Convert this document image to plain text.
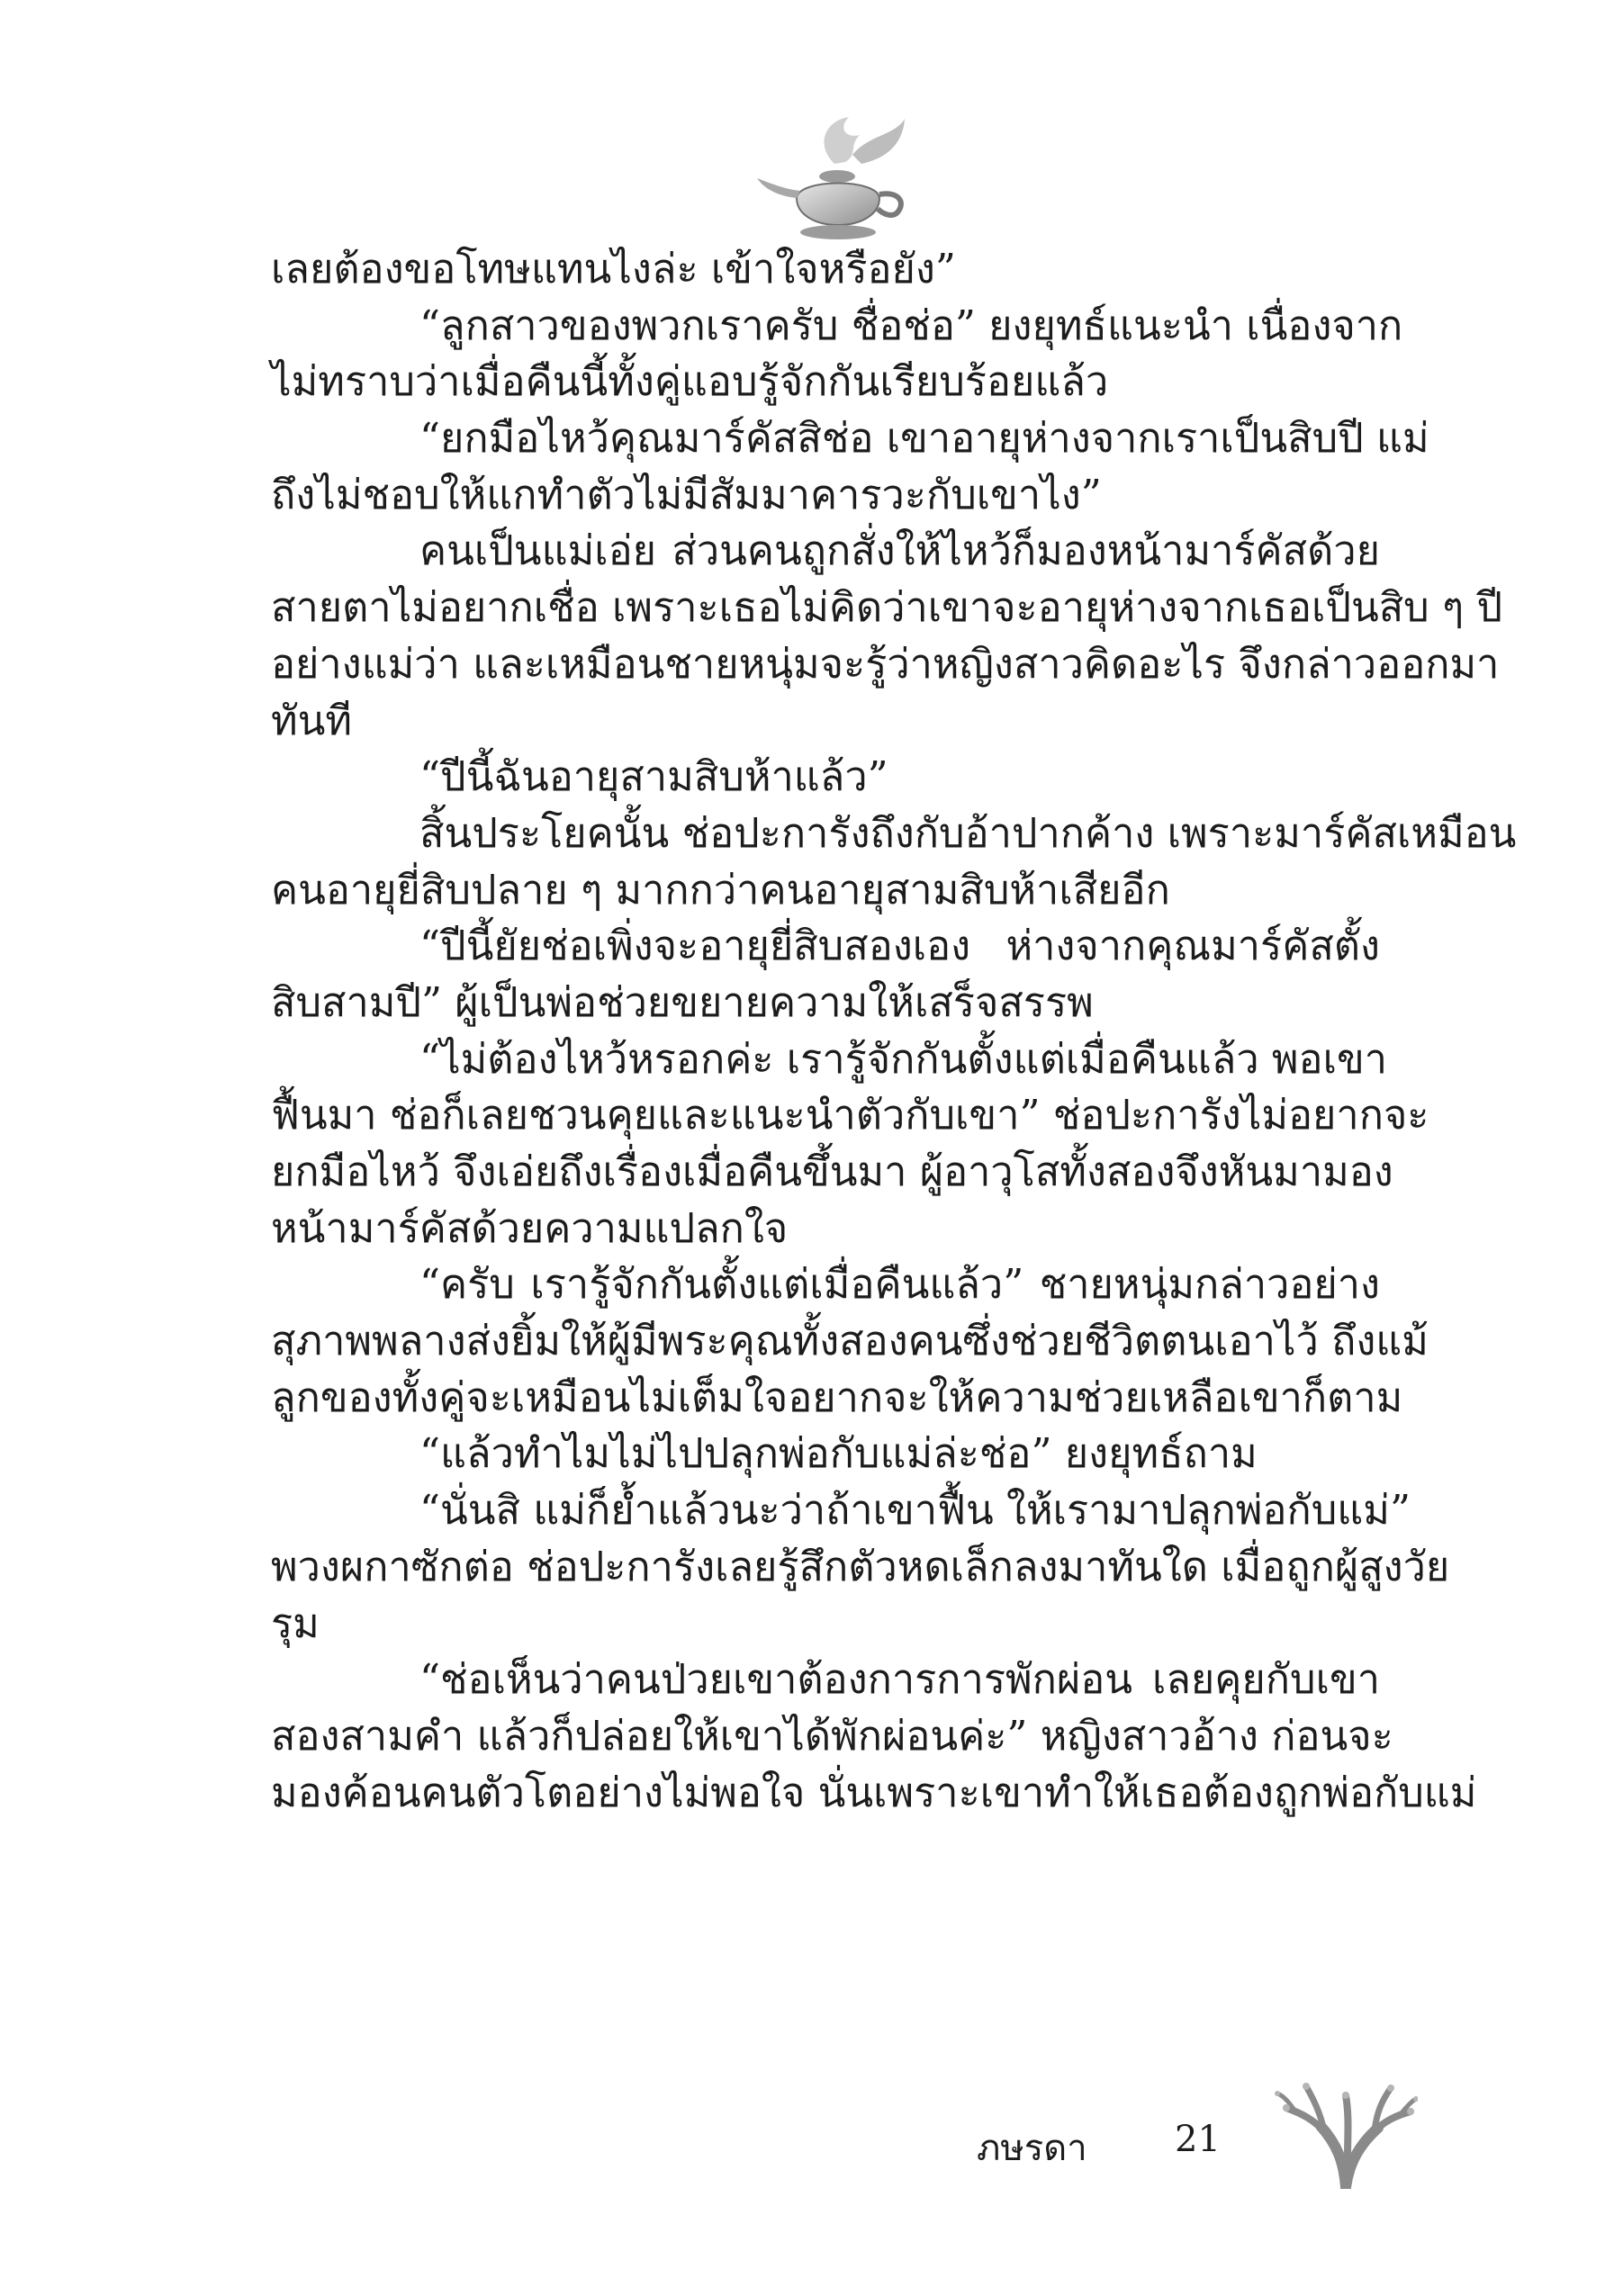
เลยต้องขอโทษแทนไงล่ะ เข้าใจหรือยัง”
“ลูกสาวของพวกเราครับ ชื่อช่อ” ยงยุทธ์แนะนำ เนื่องจาก
ไม่ทราบว่าเมื่อคืนนี้ทั้งคู่แอบรู้จักกันเรียบร้อยแล้ว
“ยกมือไหว้คุณมาร์คัสสิช่อ เขาอายุห่างจากเราเป็นสิบปี แม่
ถึงไม่ชอบให้แกทำตัวไม่มีสัมมาคารวะกับเขาไง”
คนเป็นแม่เอ่ย ส่วนคนถูกสั่งให้ไหว้ก็มองหน้ามาร์คัสด้วย
สายตาไม่อยากเชื่อ เพราะเธอไม่คิดว่าเขาจะอายุห่างจากเธอเป็นสิบ ๆ ปี
อย่างแม่ว่า และเหมือนชายหนุ่มจะรู้ว่าหญิงสาวคิดอะไร จึงกล่าวออกมา
ทันที
“ปีนี้ฉันอายุสามสิบห้าแล้ว”
สิ้นประโยคนั้น ช่อปะการังถึงกับอ้าปากค้าง เพราะมาร์คัสเหมือน
คนอายุยี่สิบปลาย ๆ มากกว่าคนอายุสามสิบห้าเสียอีก
“ปีนี้ยัยช่อเพิ่งจะอายุยี่สิบสองเอง ห่างจากคุณมาร์คัสตั้ง
สิบสามปี” ผู้เป็นพ่อช่วยขยายความให้เสร็จสรรพ
“ไม่ต้องไหว้หรอกค่ะ เรารู้จักกันตั้งแต่เมื่อคืนแล้ว พอเขา
ฟื้นมา ช่อก็เลยชวนคุยและแนะนำตัวกับเขา” ช่อปะการังไม่อยากจะ
ยกมือไหว้ จึงเอ่ยถึงเรื่องเมื่อคืนขึ้นมา ผู้อาวุโสทั้งสองจึงหันมามอง
หน้ามาร์คัสด้วยความแปลกใจ
“ครับ เรารู้จักกันตั้งแต่เมื่อคืนแล้ว” ชายหนุ่มกล่าวอย่าง
สุภาพพลางส่งยิ้มให้ผู้มีพระคุณทั้งสองคนซึ่งช่วยชีวิตตนเอาไว้ ถึงแม้
ลูกของทั้งคู่จะเหมือนไม่เต็มใจอยากจะให้ความช่วยเหลือเขาก็ตาม
“แล้วทำไมไม่ไปปลุกพ่อกับแม่ล่ะช่อ” ยงยุทธ์ถาม
“นั่นสิ แม่ก็ย้ำแล้วนะว่าถ้าเขาฟื้น ให้เรามาปลุกพ่อกับแม่”
พวงผกาซักต่อ ช่อปะการังเลยรู้สึกตัวหดเล็กลงมาทันใด เมื่อถูกผู้สูงวัย
รุม
“ช่อเห็นว่าคนป่วยเขาต้องการการพักผ่อน เลยคุยกับเขา
สองสามคำ แล้วก็ปล่อยให้เขาได้พักผ่อนค่ะ” หญิงสาวอ้าง ก่อนจะ
มองค้อนคนตัวโตอย่างไม่พอใจ นั่นเพราะเขาทำให้เธอต้องถูกพ่อกับแม่
ภษรดา 21
